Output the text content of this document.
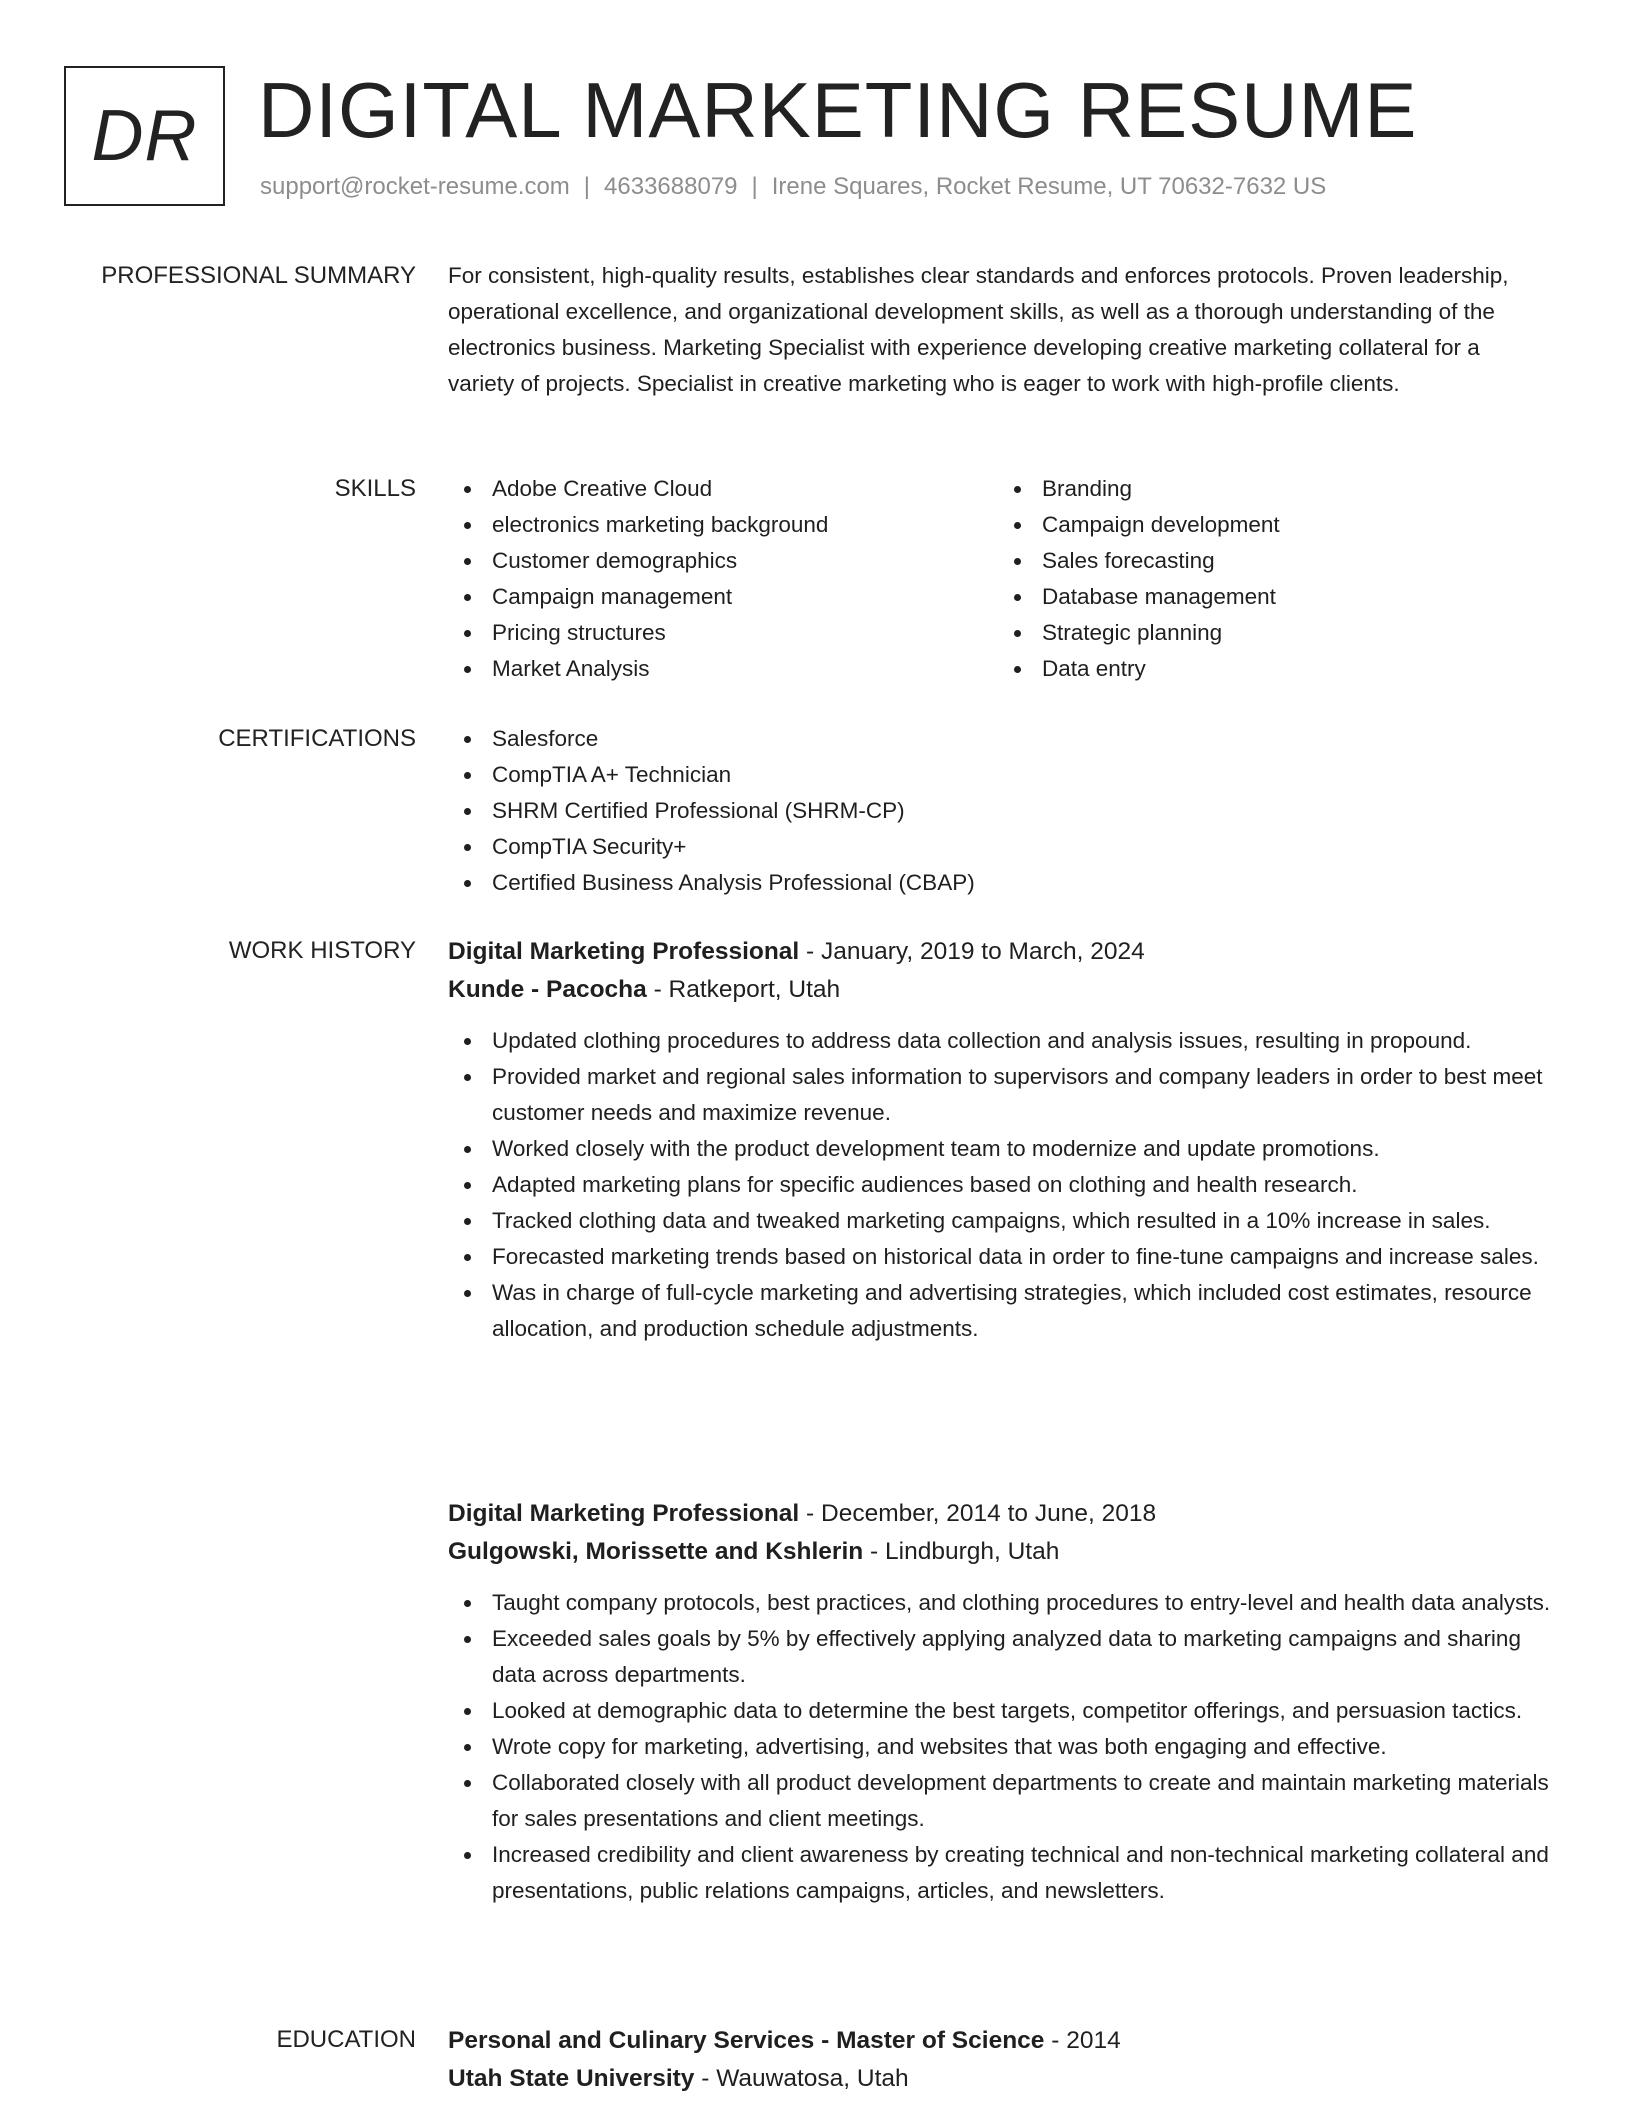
DR DIGITAL MARKETING RESUME
support@rocket-resume.com | 4633688079 | Irene Squares, Rocket Resume, UT 70632-7632 US
PROFESSIONAL SUMMARY For consistent, high-quality results, establishes clear standards and enforces protocols. Proven leadership, operational excellence, and organizational development skills, as well as a thorough understanding of the electronics business. Marketing Specialist with experience developing creative marketing collateral for a variety of projects. Specialist in creative marketing who is eager to work with high-profile clients.
SKILLS	Adobe Creative Cloud
electronics marketing background
Customer demographics
Campaign management
Pricing structures
Market Analysis
Branding
Campaign development
Sales forecasting
Database management
Strategic planning
Data entry
CERTIFICATIONS	Salesforce
CompTIA A+ Technician
SHRM Certified Professional (SHRM-CP)
CompTIA Security+
Certified Business Analysis Professional (CBAP)
WORK HISTORY Digital Marketing Professional - January, 2019 to March, 2024
Kunde - Pacocha - Ratkeport, Utah
Updated clothing procedures to address data collection and analysis issues, resulting in propound.
Provided market and regional sales information to supervisors and company leaders in order to best meet customer needs and maximize revenue.
Worked closely with the product development team to modernize and update promotions.
Adapted marketing plans for specific audiences based on clothing and health research.
Tracked clothing data and tweaked marketing campaigns, which resulted in a 10% increase in sales.
Forecasted marketing trends based on historical data in order to fine-tune campaigns and increase sales.
Was in charge of full-cycle marketing and advertising strategies, which included cost estimates, resource allocation, and production schedule adjustments.
Digital Marketing Professional - December, 2014 to June, 2018
Gulgowski, Morissette and Kshlerin - Lindburgh, Utah
Taught company protocols, best practices, and clothing procedures to entry-level and health data analysts.
Exceeded sales goals by 5% by effectively applying analyzed data to marketing campaigns and sharing data across departments.
Looked at demographic data to determine the best targets, competitor offerings, and persuasion tactics.
Wrote copy for marketing, advertising, and websites that was both engaging and effective.
Collaborated closely with all product development departments to create and maintain marketing materials for sales presentations and client meetings.
Increased credibility and client awareness by creating technical and non-technical marketing collateral and presentations, public relations campaigns, articles, and newsletters.
EDUCATION Personal and Culinary Services - Master of Science - 2014
Utah State University - Wauwatosa, Utah
